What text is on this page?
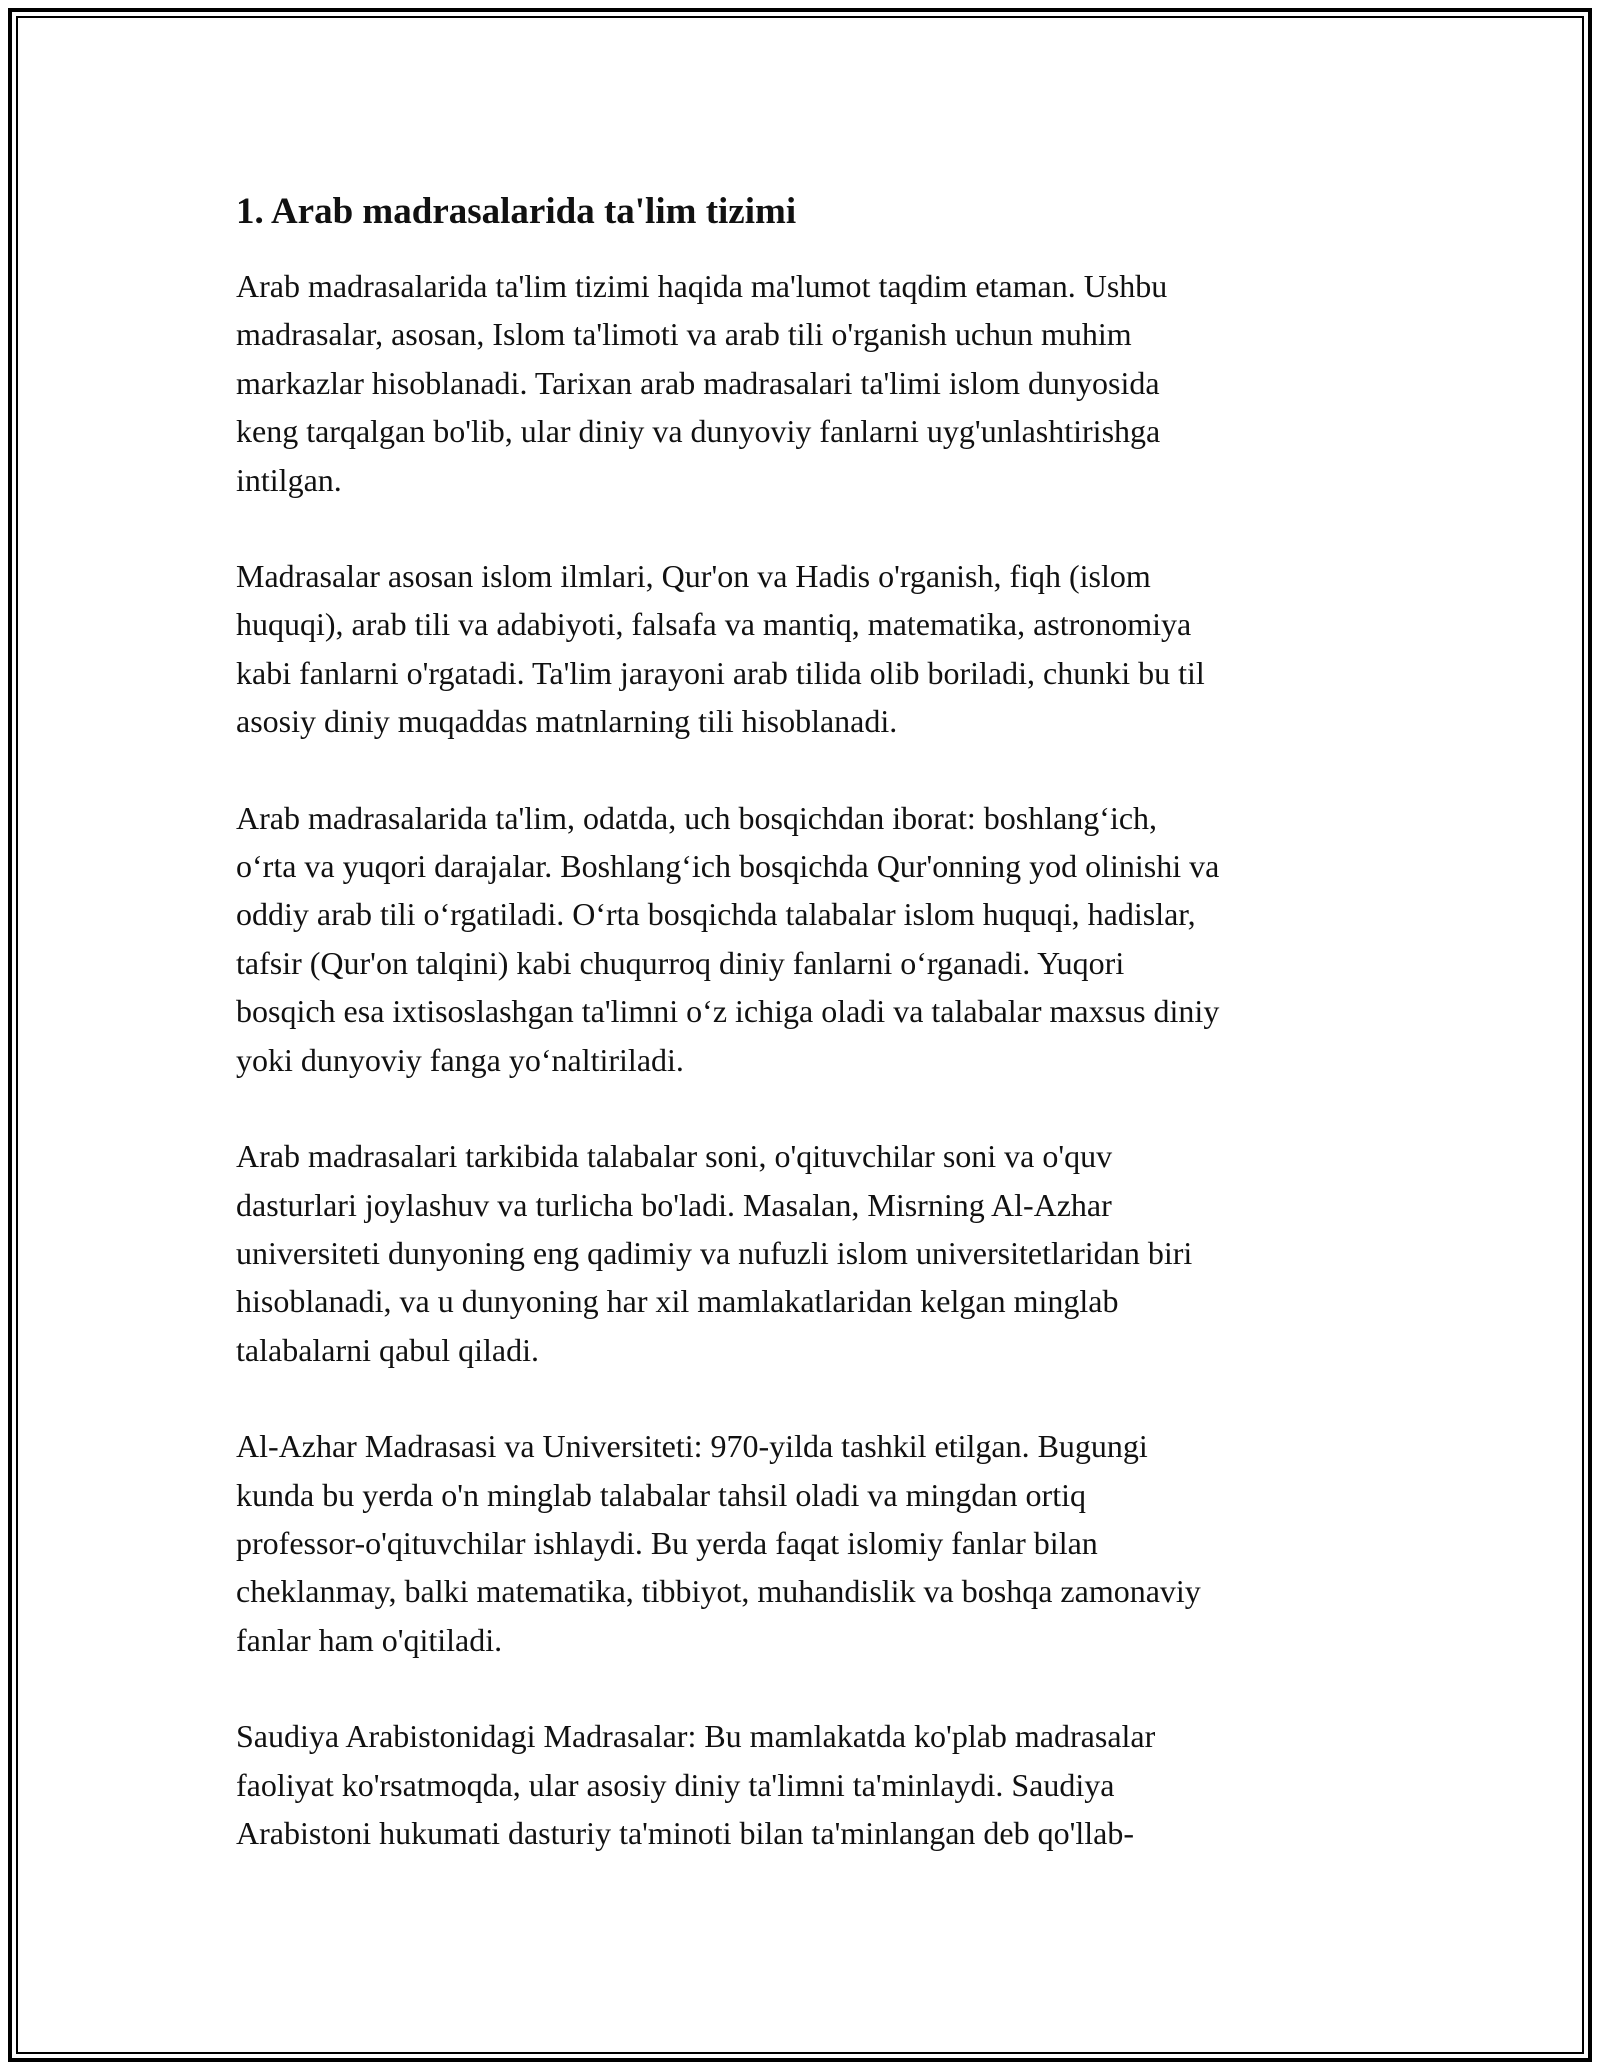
1. Arab madrasalarida ta'lim tizimi

Arab madrasalarida ta'lim tizimi haqida ma'lumot taqdim etaman. Ushbu
madrasalar, asosan, Islom ta'limoti va arab tili o'rganish uchun muhim
markazlar hisoblanadi. Tarixan arab madrasalari ta'limi islom dunyosida
keng tarqalgan bo'lib, ular diniy va dunyoviy fanlarni uyg'unlashtirishga
intilgan.

Madrasalar asosan islom ilmlari, Qur'on va Hadis o'rganish, fiqh (islom
huquqi), arab tili va adabiyoti, falsafa va mantiq, matematika, astronomiya
kabi fanlarni o'rgatadi. Ta'lim jarayoni arab tilida olib boriladi, chunki bu til
asosiy diniy muqaddas matnlarning tili hisoblanadi.

Arab madrasalarida ta'lim, odatda, uch bosqichdan iborat: boshlang‘ich,
o‘rta va yuqori darajalar. Boshlang‘ich bosqichda Qur'onning yod olinishi va
oddiy arab tili o‘rgatiladi. O‘rta bosqichda talabalar islom huquqi, hadislar,
tafsir (Qur'on talqini) kabi chuqurroq diniy fanlarni o‘rganadi. Yuqori
bosqich esa ixtisoslashgan ta'limni o‘z ichiga oladi va talabalar maxsus diniy
yoki dunyoviy fanga yo‘naltiriladi.

Arab madrasalari tarkibida talabalar soni, o'qituvchilar soni va o'quv
dasturlari joylashuv va turlicha bo'ladi. Masalan, Misrning Al-Azhar
universiteti dunyoning eng qadimiy va nufuzli islom universitetlaridan biri
hisoblanadi, va u dunyoning har xil mamlakatlaridan kelgan minglab
talabalarni qabul qiladi.

Al-Azhar Madrasasi va Universiteti: 970-yilda tashkil etilgan. Bugungi
kunda bu yerda o'n minglab talabalar tahsil oladi va mingdan ortiq
professor-o'qituvchilar ishlaydi. Bu yerda faqat islomiy fanlar bilan
cheklanmay, balki matematika, tibbiyot, muhandislik va boshqa zamonaviy
fanlar ham o'qitiladi.

Saudiya Arabistonidagi Madrasalar: Bu mamlakatda ko'plab madrasalar
faoliyat ko'rsatmoqda, ular asosiy diniy ta'limni ta'minlaydi. Saudiya
Arabistoni hukumati dasturiy ta'minoti bilan ta'minlangan deb qo'llab-
